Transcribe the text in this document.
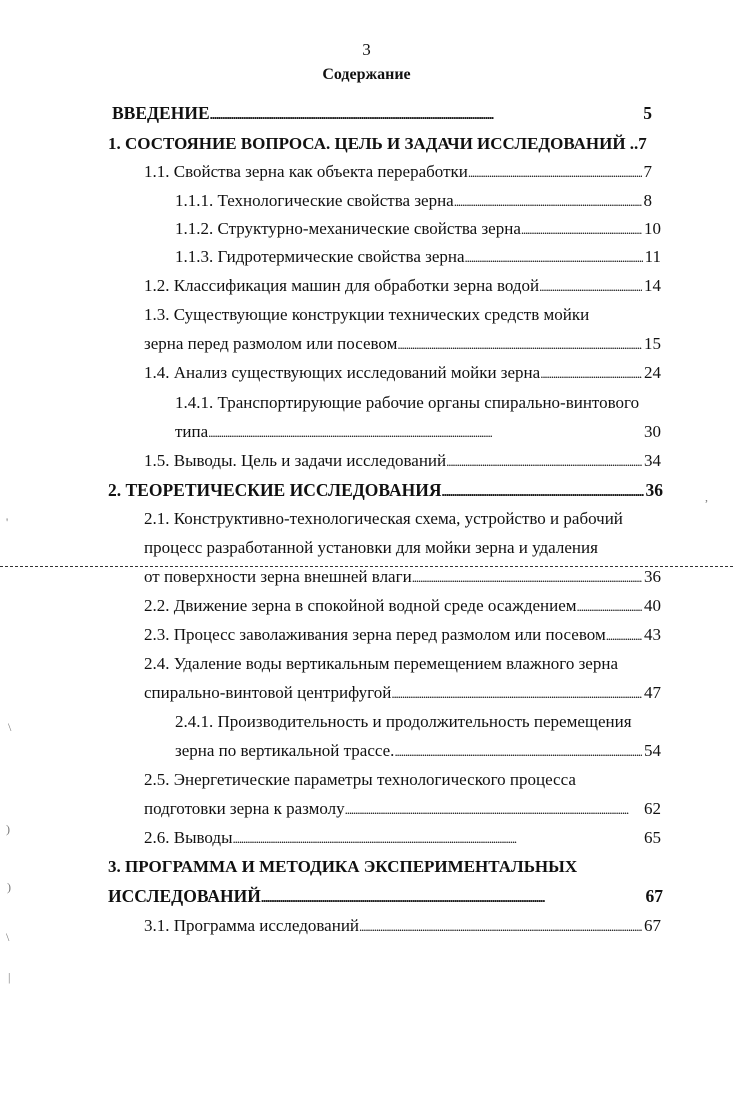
3
Содержание
ВВЕДЕНИЕ . . .	5
1. СОСТОЯНИЕ ВОПРОСА. ЦЕЛЬ И ЗАДАЧИ ИССЛЕДОВАНИЙ ..7
1.1. Свойства зерна как объекта переработки . . .	7
1.1.1. Технологические свойства зерна . . .	8
1.1.2. Структурно-механические свойства зерна . . .	10
1.1.3. Гидротермические свойства зерна . . .	11
1.2. Классификация машин для обработки зерна водой . . .	14
1.3. Существующие конструкции технических средств мойки
зерна перед размолом или посевом . . .	15
1.4. Анализ существующих исследований мойки зерна . . .	24
1.4.1. Транспортирующие рабочие органы спирально-винтового
типа . . .	30
1.5. Выводы. Цель и задачи исследований . . .	34
2. ТЕОРЕТИЧЕСКИЕ ИССЛЕДОВАНИЯ . . .	36
2.1. Конструктивно-технологическая схема, устройство и рабочий
процесс разработанной установки для мойки зерна и удаления
от поверхности зерна внешней влаги . . .	36
2.2. Движение зерна в спокойной водной среде осаждением . . .	40
2.3. Процесс заволаживания зерна перед размолом или посевом . . . 43
2.4. Удаление воды вертикальным перемещением влажного зерна
спирально-винтовой центрифугой . . .	47
2.4.1. Производительность и продолжительность перемещения
зерна по вертикальной трассе. . . .	54
2.5. Энергетические параметры технологического процесса
подготовки зерна к размолу . . .	62
2.6. Выводы . . .	65
3. ПРОГРАММА И МЕТОДИКА ЭКСПЕРИМЕНТАЛЬНЫХ
ИССЛЕДОВАНИЙ . . .	67
3.1. Программа исследований . . .	67
,
'
\
)
)
\
|
